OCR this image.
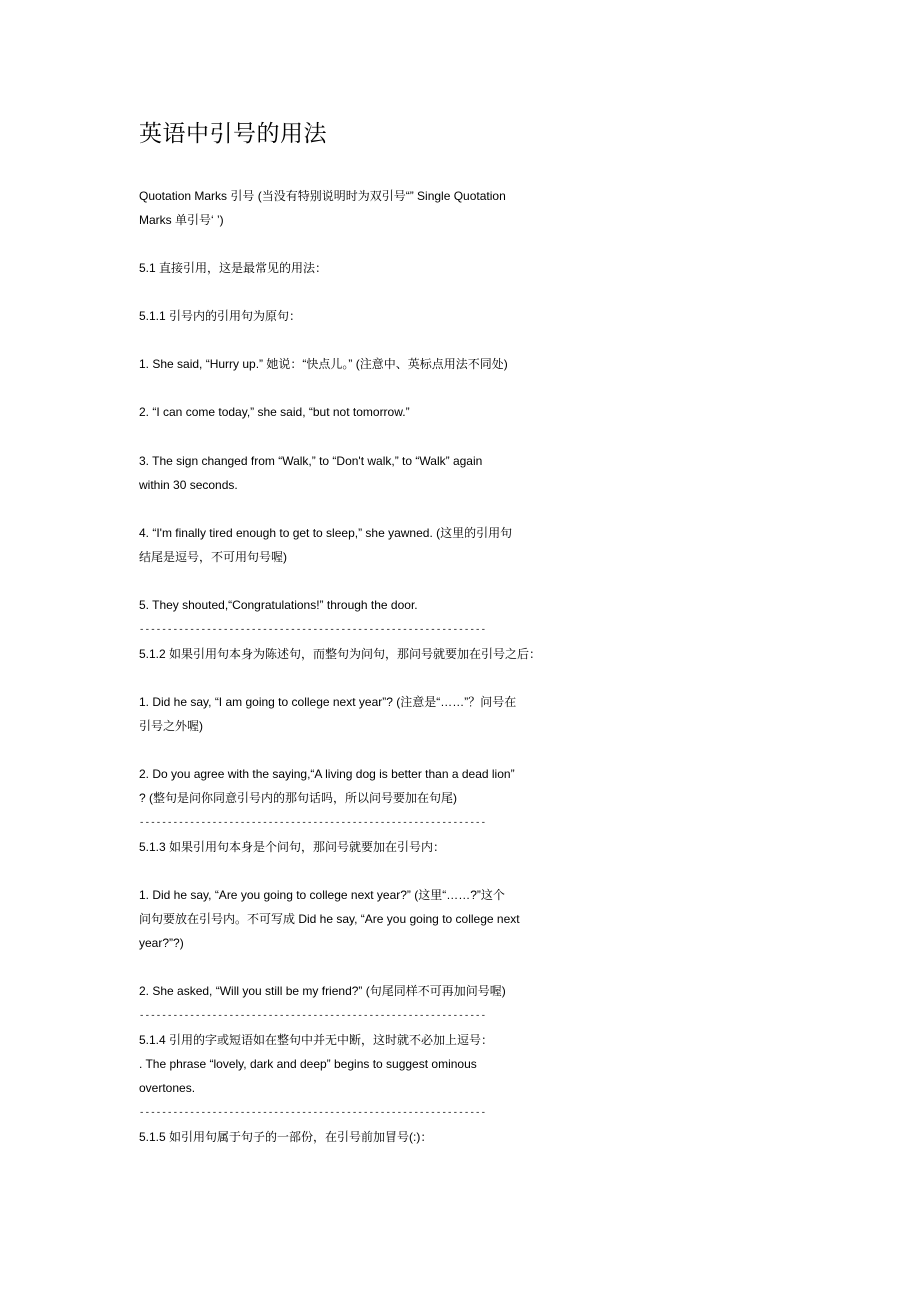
英语中引号的用法
Quotation Marks 引号 (当没有特别说明时为双引号“” Single Quotation
Marks 单引号‘ ’)
5.1 直接引用，这是最常见的用法：
5.1.1 引号内的引用句为原句：
1. She said, “Hurry up.” 她说：“快点儿。” (注意中、英标点用法不同处)
2. “I can come today,” she said, “but not tomorrow.”
3. The sign changed from “Walk,” to “Don't walk,” to “Walk” again
within 30 seconds.
4. “I'm finally tired enough to get to sleep,” she yawned. (这里的引用句
结尾是逗号，不可用句号喔)
5. They shouted,“Congratulations!” through the door.
--------------------------------------------------------------
5.1.2 如果引用句本身为陈述句，而整句为问句，那问号就要加在引号之后：
1. Did he say, “I am going to college next year”? (注意是“……”？问号在
引号之外喔)
2. Do you agree with the saying,“A living dog is better than a dead lion”
? (整句是问你同意引号内的那句话吗，所以问号要加在句尾)
--------------------------------------------------------------
5.1.3 如果引用句本身是个问句，那问号就要加在引号内：
1. Did he say, “Are you going to college next year?” (这里“……?”这个
问句要放在引号内。不可写成 Did he say, “Are you going to college next
year?”?)
2. She asked, “Will you still be my friend?” (句尾同样不可再加问号喔)
--------------------------------------------------------------
5.1.4 引用的字或短语如在整句中并无中断，这时就不必加上逗号：
. The phrase “lovely, dark and deep” begins to suggest ominous
overtones.
--------------------------------------------------------------
5.1.5 如引用句属于句子的一部份，在引号前加冒号(:)：
